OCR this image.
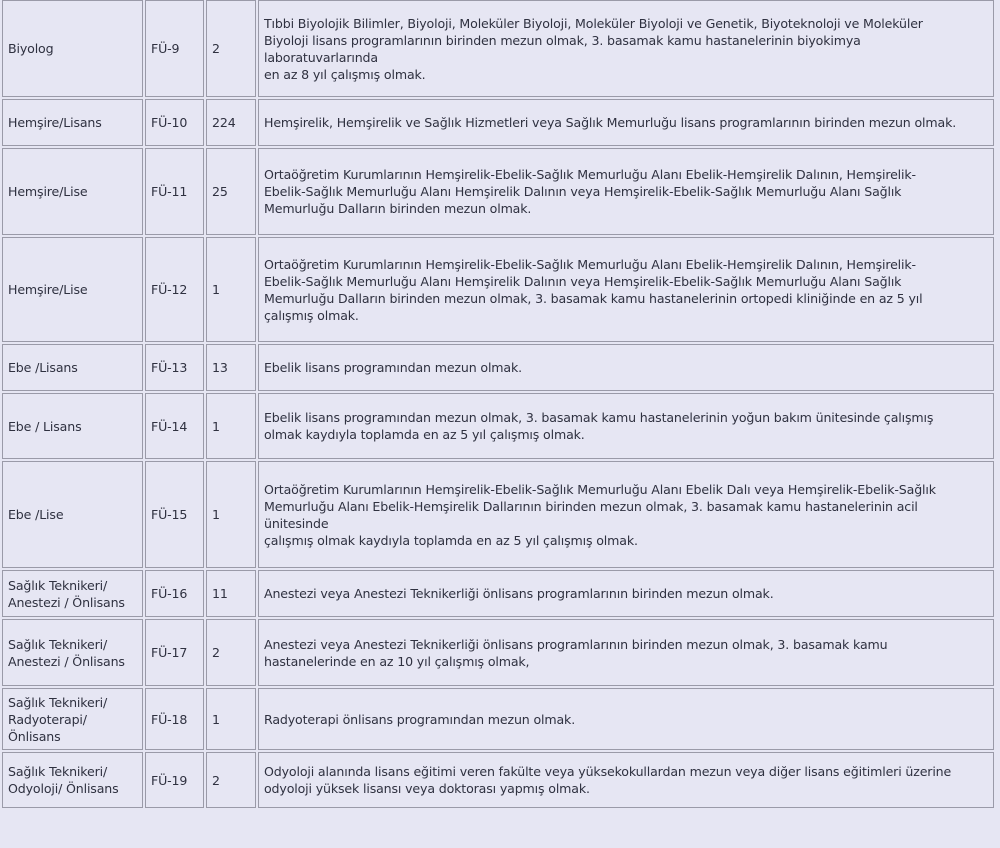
Biyolog	FÜ-9	2	Tıbbi Biyolojik Bilimler, Biyoloji, Moleküler Biyoloji, Moleküler Biyoloji ve Genetik, Biyoteknoloji ve Moleküler
Biyoloji lisans programlarının birinden mezun olmak, 3. basamak kamu hastanelerinin biyokimya
laboratuvarlarında
en az 8 yıl çalışmış olmak.

Hemşire/Lisans	FÜ-10	224	Hemşirelik, Hemşirelik ve Sağlık Hizmetleri veya Sağlık Memurluğu lisans programlarının birinden mezun olmak.

Hemşire/Lise	FÜ-11	25	Ortaöğretim Kurumlarının Hemşirelik-Ebelik-Sağlık Memurluğu Alanı Ebelik-Hemşirelik Dalının, Hemşirelik-
Ebelik-Sağlık Memurluğu Alanı Hemşirelik Dalının veya Hemşirelik-Ebelik-Sağlık Memurluğu Alanı Sağlık
Memurluğu Dalların birinden mezun olmak.

Hemşire/Lise	FÜ-12	1	Ortaöğretim Kurumlarının Hemşirelik-Ebelik-Sağlık Memurluğu Alanı Ebelik-Hemşirelik Dalının, Hemşirelik-
Ebelik-Sağlık Memurluğu Alanı Hemşirelik Dalının veya Hemşirelik-Ebelik-Sağlık Memurluğu Alanı Sağlık
Memurluğu Dalların birinden mezun olmak, 3. basamak kamu hastanelerinin ortopedi kliniğinde en az 5 yıl
çalışmış olmak.

Ebe /Lisans	FÜ-13	13	Ebelik lisans programından mezun olmak.

Ebe / Lisans	FÜ-14	1	Ebelik lisans programından mezun olmak, 3. basamak kamu hastanelerinin yoğun bakım ünitesinde çalışmış
olmak kaydıyla toplamda en az 5 yıl çalışmış olmak.

Ebe /Lise	FÜ-15	1	Ortaöğretim Kurumlarının Hemşirelik-Ebelik-Sağlık Memurluğu Alanı Ebelik Dalı veya Hemşirelik-Ebelik-Sağlık
Memurluğu Alanı Ebelik-Hemşirelik Dallarının birinden mezun olmak, 3. basamak kamu hastanelerinin acil
ünitesinde
çalışmış olmak kaydıyla toplamda en az 5 yıl çalışmış olmak.

Sağlık Teknikeri/
Anestezi / Önlisans	FÜ-16	11	Anestezi veya Anestezi Teknikerliği önlisans programlarının birinden mezun olmak.

Sağlık Teknikeri/
Anestezi / Önlisans	FÜ-17	2	Anestezi veya Anestezi Teknikerliği önlisans programlarının birinden mezun olmak, 3. basamak kamu
hastanelerinde en az 10 yıl çalışmış olmak,

Sağlık Teknikeri/
Radyoterapi/
Önlisans	FÜ-18	1	Radyoterapi önlisans programından mezun olmak.

Sağlık Teknikeri/
Odyoloji/ Önlisans	FÜ-19	2	Odyoloji alanında lisans eğitimi veren fakülte veya yüksekokullardan mezun veya diğer lisans eğitimleri üzerine
odyoloji yüksek lisansı veya doktorası yapmış olmak.
